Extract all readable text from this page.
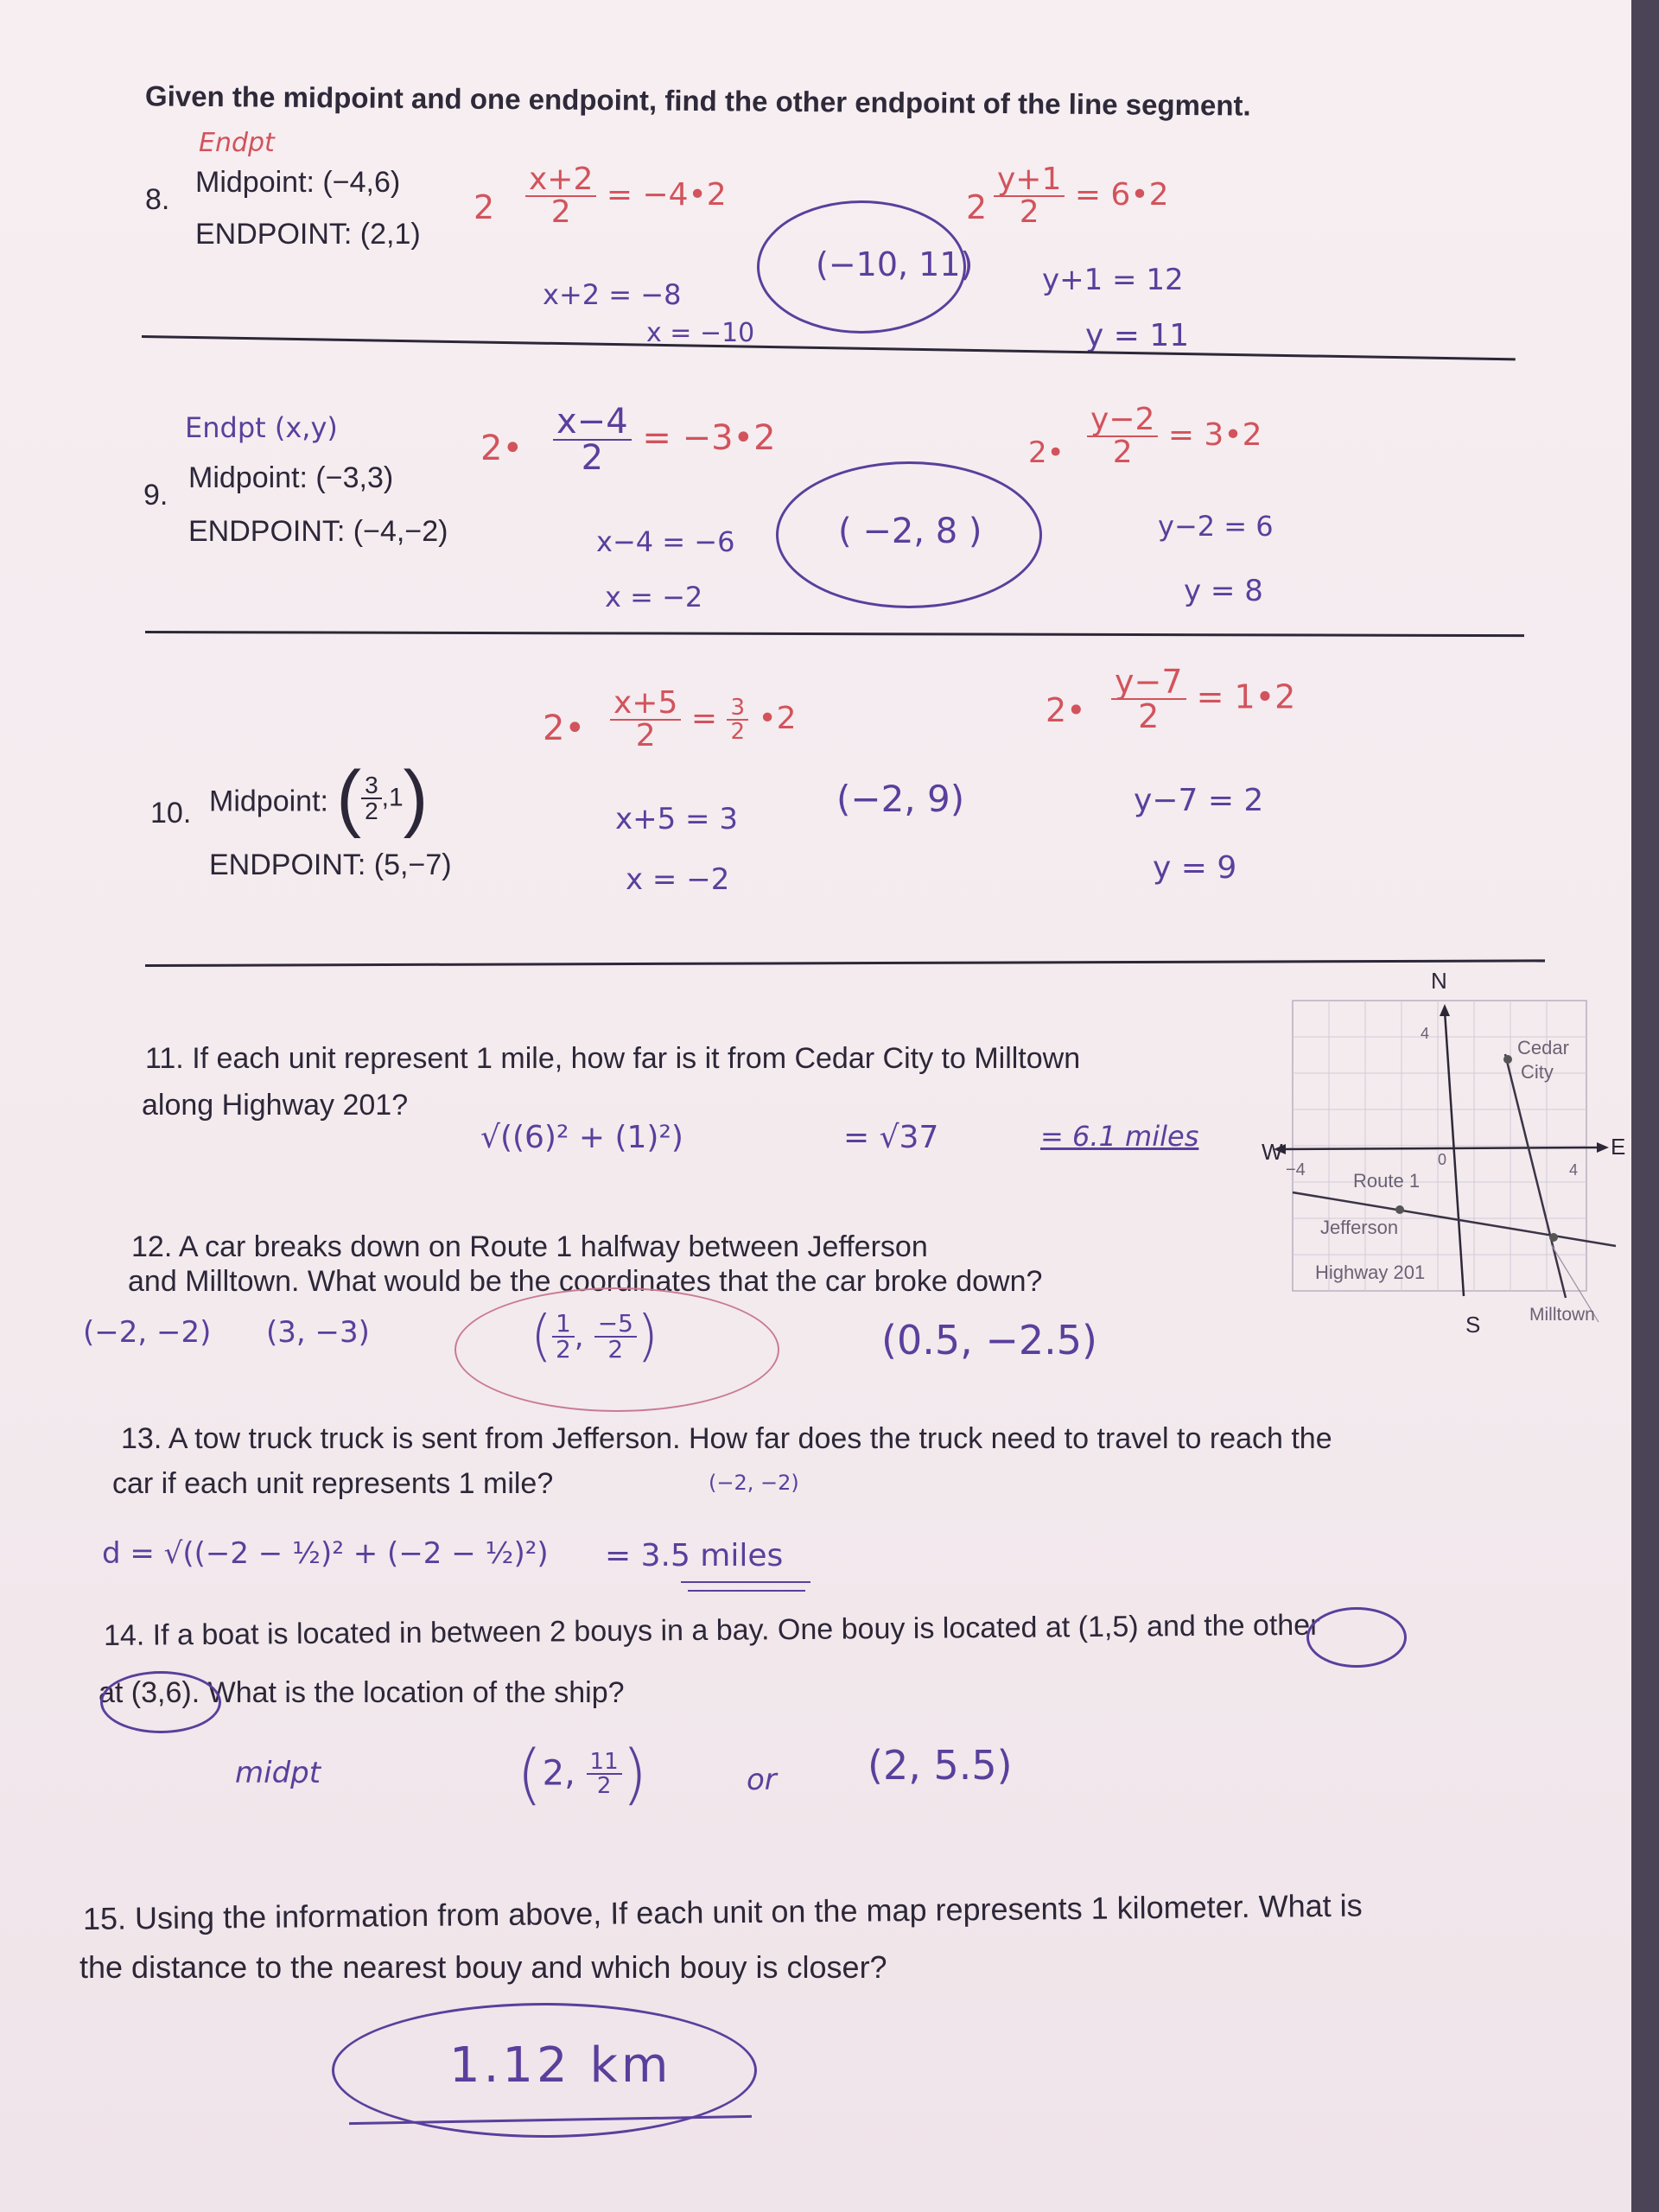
Given the midpoint and one endpoint, find the other endpoint of the line segment.
Endpt
8.
Midpoint: (−4,6)
ENDPOINT: (2,1)
$2 \frac{x+2}{2}$ = −4•2
x+2 = −8
x = −10
(−10, 11)
$2 \frac{y+1}{2}$ = 6•2
y+1 = 12
y = 11
Endpt (x,y)
9.
Midpoint: (−3,3)
ENDPOINT: (−4,−2)
2• $\frac{x-4}{2}$ = −3•2
x−4 = −6
x = −2
( −2, 8 )
2• $\frac{y-2}{2}$ = 3•2
y−2 = 6
y = 8
10. Midpoint: ( $\frac{3}{2} ,1$)
ENDPOINT: (5,−7)
2• $\frac{x+5}{2} = \frac{3}{2}$ •2
x+5 = 3
x = −2
(−2, 9)
2• $\frac{y-7}{2}$ = 1•2
y−7 = 2
y = 9
N
S
W	E
4
−4	4
0
Cedar
City
Route 1
Jefferson
Highway 201
Milltown
11. If each unit represent 1 mile, how far is it from Cedar City to Milltown
along Highway 201?
√((6)² + (1)²)	= √37	= 6.1 miles
12. A car breaks down on Route 1 halfway between Jefferson
and Milltown. What would be the coordinates that the car broke down?
(−2, −2) (3, −3)	( $\frac{1}{2}$ , $\frac{-5}{2}$ )	(0.5, −2.5)
13. A tow truck truck is sent from Jefferson. How far does the truck need to travel to reach the
car if each unit represents 1 mile?	(−2, −2)
d = √((−2 − ½)² + (−2 − ½)²) = 3.5 miles
14. If a boat is located in between 2 bouys in a bay. One bouy is located at (1,5) and the other
at (3,6). What is the location of the ship?
midpt	(2, $\frac{11}{2}$ )	or (2, 5.5)
15. Using the information from above, If each unit on the map represents 1 kilometer. What is
the distance to the nearest bouy and which bouy is closer?
1.12 km
